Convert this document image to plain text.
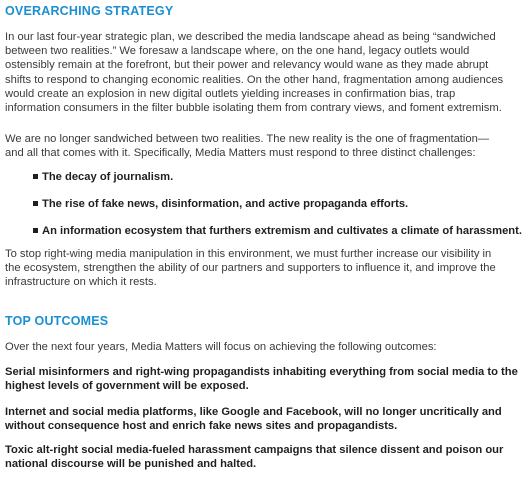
OVERARCHING STRATEGY

In our last four-year strategic plan, we described the media landscape ahead as being “sandwiched
between two realities.” We foresaw a landscape where, on the one hand, legacy outlets would
ostensibly remain at the forefront, but their power and relevancy would wane as they made abrupt
shifts to respond to changing economic realities. On the other hand, fragmentation among audiences
would create an explosion in new digital outlets yielding increases in confirmation bias, trap
information consumers in the filter bubble isolating them from contrary views, and foment extremism.

We are no longer sandwiched between two realities. The new reality is the one of fragmentation—
and all that comes with it. Specifically, Media Matters must respond to three distinct challenges:

The decay of journalism.
The rise of fake news, disinformation, and active propaganda efforts.
An information ecosystem that furthers extremism and cultivates a climate of harassment.

To stop right-wing media manipulation in this environment, we must further increase our visibility in
the ecosystem, strengthen the ability of our partners and supporters to influence it, and improve the
infrastructure on which it rests.

TOP OUTCOMES

Over the next four years, Media Matters will focus on achieving the following outcomes:

Serial misinformers and right-wing propagandists inhabiting everything from social media to the
highest levels of government will be exposed.

Internet and social media platforms, like Google and Facebook, will no longer uncritically and
without consequence host and enrich fake news sites and propagandists.

Toxic alt-right social media-fueled harassment campaigns that silence dissent and poison our
national discourse will be punished and halted.
